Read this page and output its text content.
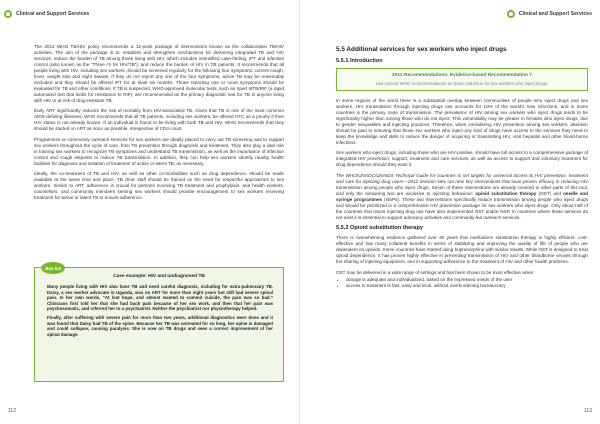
Clinical and Support Services

The 2012 WHO TB/HIV policy recommends a 12-point package of interventions known as the collaborative TB/HIV activities. The aim of the package is to: establish and strengthen mechanisms for delivering integrated TB and HIV services; reduce the burden of TB among those living with HIV, which includes intensified case-finding, IPT and infection control (also known as the “Three I’s for HIV/TB”); and reduce the burden of HIV in TB patients. It recommends that all people living with HIV, including sex workers, should be screened regularly for the following four symptoms: current cough, fever, weight loss and night sweats. If they do not report any one of the four symptoms, active TB may be reasonably excluded and they should be offered IPT for at least six months. Those reporting one or more symptoms should be evaluated for TB and other conditions. If TB is suspected, WHO-approved molecular tests, such as Xpert MTB/RIF (a rapid automated test that looks for resistance to RIF), are recommended as the primary diagnostic test for TB in anyone living with HIV or at risk of drug-resistant TB.

Early ART significantly reduces the risk of mortality from HIV-associated TB. Given that TB is one of the most common AIDS-defining illnesses, WHO recommends that all TB patients, including sex workers, be offered HTC as a priority if their HIV status is not already known. If an individual is found to be living with both TB and HIV, WHO recommends that they should be started on ART as soon as possible, irrespective of CD4 count.

Programmes or community outreach services for sex workers are ideally placed to carry out TB screening and to support sex workers throughout the cycle of care, from TB prevention through diagnosis and treatment. They also play a vital role in training sex workers to recognize TB symptoms and understand TB transmission, as well as the importance of infection control and cough etiquette to reduce TB transmission. In addition, they can help sex workers identify nearby health facilities for diagnosis and initiation of treatment of active or latent TB, as necessary.

Ideally, the co-treatment of TB and HIV, as well as other co-morbidities such as drug dependence, should be made available at the same time and place. TB clinic staff should be trained on the need for respectful approaches to sex workers. Similar to ART, adherence is crucial for persons receiving TB treatment and prophylaxis, and health workers, counsellors, and community members serving sex workers should provide encouragement to sex workers receiving treatment for active or latent TB to ensure adherence.

Box 5.6
Case example: HIV and undiagnosed TB

Many people living with HIV also have TB and need careful diagnosis, including for extra-pulmonary TB. Daisy, a sex worker advocate in Uganda, was on ART for more than eight years but still had severe spinal pain. In her own words, “At lost hope, and almost wanted to commit suicide, the pain was so bad.” Clinicians first told her that she had back pain because of her sex work, and then that her pain was psychosomatic, and referred her to a psychiatrist. Neither the psychiatrist nor physiotherapy helped.

Finally, after suffering with severe pain for more than two years, additional diagnostics were done and it was found that Daisy had TB of the spine. Because her TB was untreated for so long, her spine is damaged and could collapse, causing paralysis. She is now on TB drugs and sees a correct improvement of her spinal damage.

112
Clinical and Support Services
5.5 Additional services for sex workers who inject drugs
5.5.1 Introduction
2012 Recommendations: Evidence-based Recommendation 7
Use current WHO recommendations on harm reduction for sex workers who inject drugs.

In some regions of the world there is a substantial overlap between communities of people who inject drugs and sex workers. HIV transmission through injecting drugs use accounts for 10% of the world’s new infections, and in some countries is the primary route of transmission. The prevalence of HIV among sex workers who inject drugs tends to be significantly higher than among those who do not inject. This vulnerability may be greater in females who inject drugs, due to gender inequalities and injecting practices. Therefore, when considering HIV prevention among sex workers, attention should be paid to ensuring that those sex workers who inject any kind of drugs have access to the services they need to keep the knowledge and skills to reduce the danger of acquiring or transmitting HIV, viral hepatitis and other blood-borne infections.

Sex workers who inject drugs, including those who are HIV-positive, should have full access to a comprehensive package of integrated HIV prevention, support, treatment and care services, as well as access to support and voluntary treatment for drug dependence should they want it.

The WHO/UNODC/UNAIDS Technical Guide for countries to set targets for universal access to HIV prevention, treatment and care for injecting drug users—2012 revision sets out nine key interventions that have proven efficacy in reducing HIV transmission among people who inject drugs. Seven of these interventions are already covered in other parts of this tool, and only the remaining two are exclusive to injecting behaviour: opioid substitution therapy (OST) and needle and syringe programmes (NSPs). These two interventions specifically reduce transmission among people who inject drugs and should be prioritized in a comprehensive HIV prevention package for sex workers who inject drugs. Only about half of the countries that report injecting drug use have also implemented OST and/or NSP. In countries where these services do not exist it is essential to support advocacy activities and community-led outreach services.

5.5.2 Opioid substitution therapy

There is overwhelming evidence gathered over 30 years that methadone substitution therapy is highly efficient, cost-effective and has many collateral benefits in terms of stabilizing and improving the quality of life of people who are dependent on opioids. Some countries have started using buprenorphine with similar results. While OST is designed to treat opioid dependence, it has proven highly effective in preventing transmission of HIV and other bloodborne viruses through the sharing of injecting equipment, and in supporting adherence to the treatment of HIV and other health problems.

OST may be delivered in a wide range of settings and has been shown to be most effective when:

• dosage is adequate and individualized, based on the expressed needs of the user
• access to treatment is fast, easy and local, without overburdening bureaucracy
113
